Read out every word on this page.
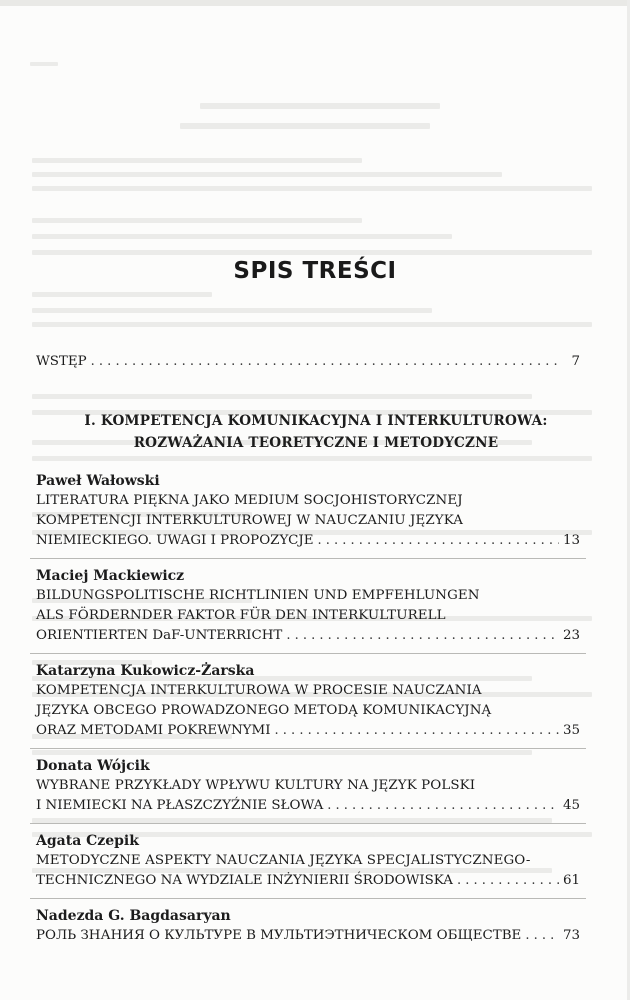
SPIS TREŚCI
WSTĘP . . .	7
I. KOMPETENCJA KOMUNIKACYJNA I INTERKULTUROWA:
ROZWAŻANIA TEORETYCZNE I METODYCZNE
Paweł Wałowski
LITERATURA PIĘKNA JAKO MEDIUM SOCJOHISTORYCZNEJ
KOMPETENCJI INTERKULTUROWEJ W NAUCZANIU JĘZYKA
NIEMIECKIEGO. UWAGI I PROPOZYCJE . . .	13
Maciej Mackiewicz
BILDUNGSPOLITISCHE RICHTLINIEN UND EMPFEHLUNGEN
ALS FÖRDERNDER FAKTOR FÜR DEN INTERKULTURELL
ORIENTIERTEN DaF-UNTERRICHT . . .	23
Katarzyna Kukowicz-Żarska
KOMPETENCJA INTERKULTUROWA W PROCESIE NAUCZANIA
JĘZYKA OBCEGO PROWADZONEGO METODĄ KOMUNIKACYJNĄ
ORAZ METODAMI POKREWNYMI . . .	35
Donata Wójcik
WYBRANE PRZYKŁADY WPŁYWU KULTURY NA JĘZYK POLSKI
I NIEMIECKI NA PŁASZCZYŹNIE SŁOWA . . .	45
Agata Czepik
METODYCZNE ASPEKTY NAUCZANIA JĘZYKA SPECJALISTYCZNEGO-
TECHNICZNEGO NA WYDZIALE INŻYNIERII ŚRODOWISKA . . .	61
Nadezda G. Bagdasaryan
РОЛЬ ЗНАНИЯ О КУЛЬТУРЕ В МУЛЬТИЭТНИЧЕСКОМ ОБЩЕСТВЕ . . .	73
